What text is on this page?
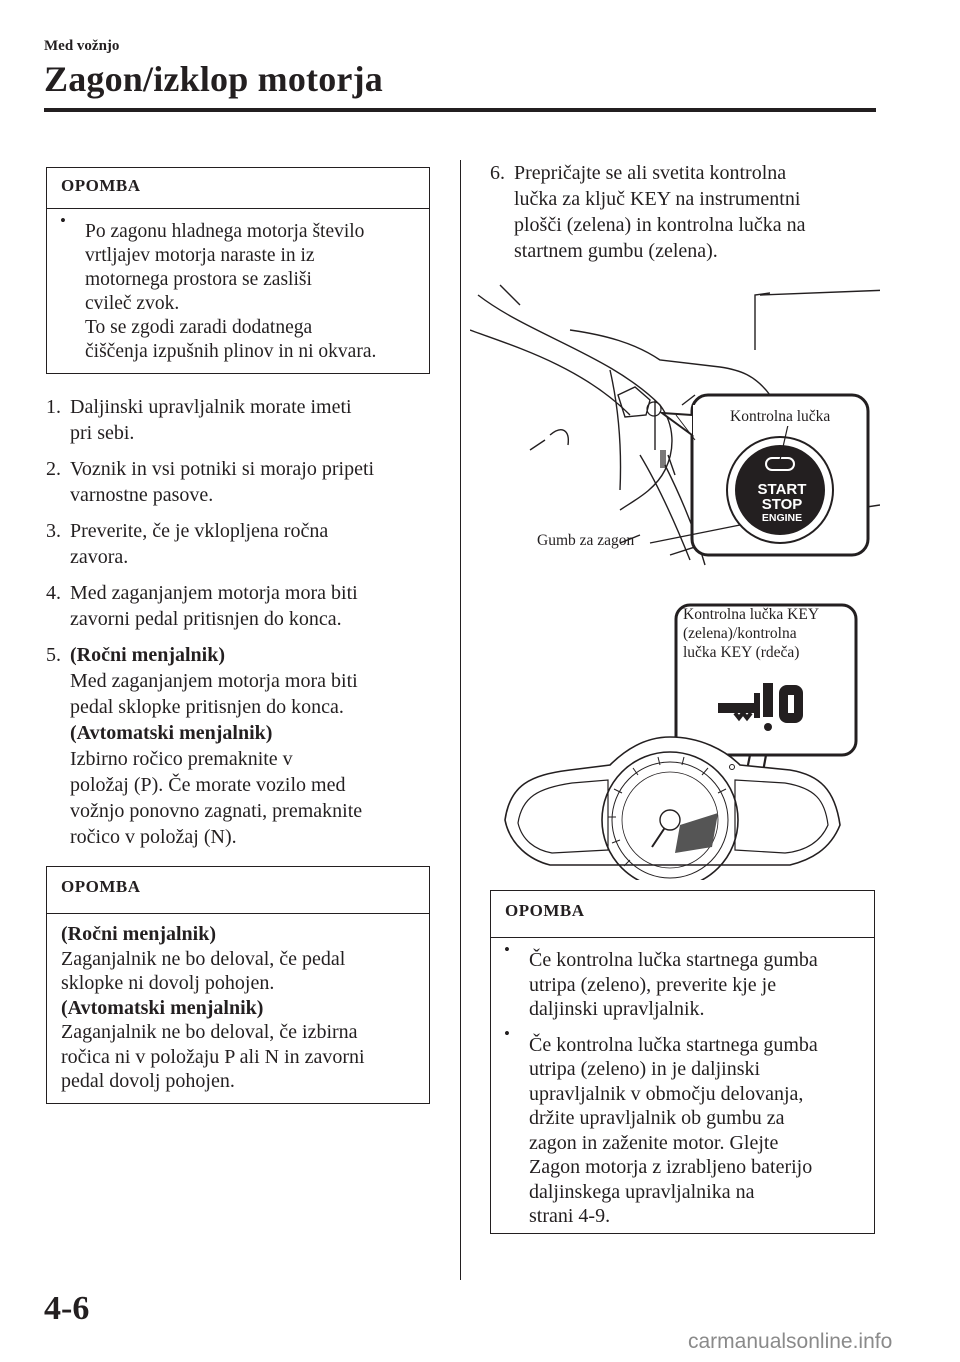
Med vožnjo
Zagon/izklop motorja
OPOMBA
• Po zagonu hladnega motorja število
vrtljajev motorja naraste in iz
motornega prostora se zasliši
cvileč zvok.
To se zgodi zaradi dodatnega
čiščenja izpušnih plinov in ni okvara.
1. Daljinski upravljalnik morate imeti
pri sebi.
2. Voznik in vsi potniki si morajo pripeti
varnostne pasove.
3. Preverite, če je vklopljena ročna
zavora.
4. Med zaganjanjem motorja mora biti
zavorni pedal pritisnjen do konca.
5. (Ročni menjalnik)
Med zaganjanjem motorja mora biti
pedal sklopke pritisnjen do konca.
(Avtomatski menjalnik)
Izbirno ročico premaknite v
položaj (P). Če morate vozilo med
vožnjo ponovno zagnati, premaknite
ročico v položaj (N).
OPOMBA
(Ročni menjalnik)
Zaganjalnik ne bo deloval, če pedal
sklopke ni dovolj pohojen.
(Avtomatski menjalnik)
Zaganjalnik ne bo deloval, če izbirna
ročica ni v položaju P ali N in zavorni
pedal dovolj pohojen.
6. Prepričajte se ali svetita kontrolna
lučka za ključ KEY na instrumentni
plošči (zelena) in kontrolna lučka na
startnem gumbu (zelena).
START
STOP
ENGINE
Kontrolna lučka
Gumb za zagon
Kontrolna lučka KEY
(zelena)/kontrolna
lučka KEY (rdeča)
OPOMBA
• Če kontrolna lučka startnega gumba
utripa (zeleno), preverite kje je
daljinski upravljalnik.
• Če kontrolna lučka startnega gumba
utripa (zeleno) in je daljinski
upravljalnik v območju delovanja,
držite upravljalnik ob gumbu za
zagon in zaženite motor. Glejte
Zagon motorja z izrabljeno baterijo
daljinskega upravljalnika na
strani 4-9.
4-6
carmanualsonline.info
